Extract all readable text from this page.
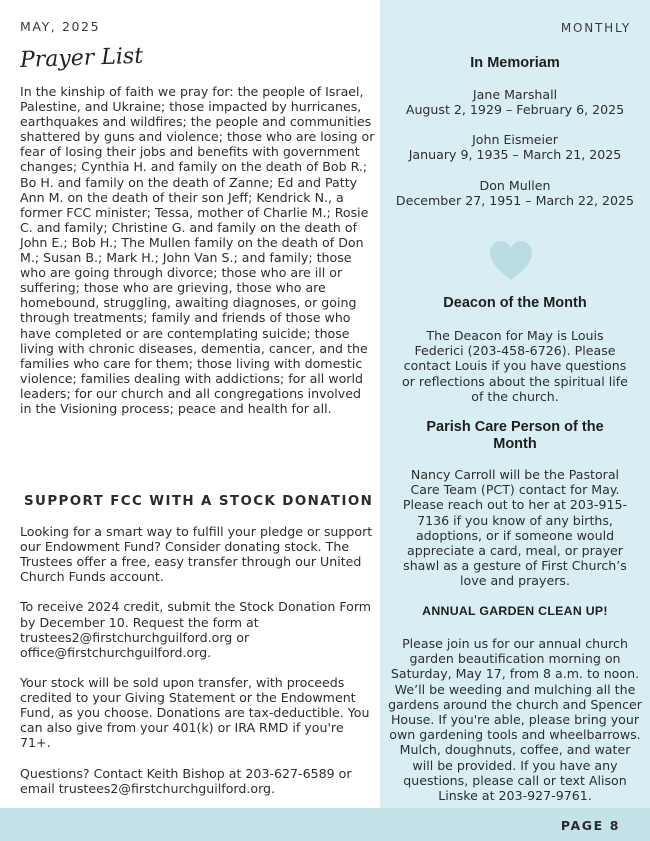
MAY, 2025	MONTHLY
Prayer List
In the kinship of faith we pray for: the people of Israel, Palestine, and Ukraine; those impacted by hurricanes, earthquakes and wildfires; the people and communities shattered by guns and violence; those who are losing or fear of losing their jobs and benefits with government changes; Cynthia H. and family on the death of Bob R.; Bo H. and family on the death of Zanne; Ed and Patty Ann M. on the death of their son Jeff; Kendrick N., a former FCC minister; Tessa, mother of Charlie M.; Rosie C. and family; Christine G. and family on the death of John E.; Bob H.; The Mullen family on the death of Don M.; Susan B.; Mark H.; John Van S.; and family; those who are going through divorce; those who are ill or suffering; those who are grieving, those who are homebound, struggling, awaiting diagnoses, or going through treatments; family and friends of those who have completed or are contemplating suicide; those living with chronic diseases, dementia, cancer, and the families who care for them; those living with domestic violence; families dealing with addictions; for all world leaders; for our church and all congregations involved in the Visioning process; peace and health for all.
SUPPORT FCC WITH A STOCK DONATION

Looking for a smart way to fulfill your pledge or support our Endowment Fund? Consider donating stock. The Trustees offer a free, easy transfer through our United Church Funds account.

To receive 2024 credit, submit the Stock Donation Form by December 10. Request the form at trustees2@firstchurchguilford.org or office@firstchurchguilford.org.

Your stock will be sold upon transfer, with proceeds credited to your Giving Statement or the Endowment Fund, as you choose. Donations are tax-deductible. You can also give from your 401(k) or IRA RMD if you're 71+.

Questions? Contact Keith Bishop at 203-627-6589 or email trustees2@firstchurchguilford.org.

In Memoriam
Jane Marshall
August 2, 1929 – February 6, 2025
John Eismeier
January 9, 1935 – March 21, 2025
Don Mullen
December 27, 1951 – March 22, 2025
Deacon of the Month
The Deacon for May is Louis Federici (203-458-6726). Please contact Louis if you have questions or reflections about the spiritual life of the church.
Parish Care Person of the Month
Nancy Carroll will be the Pastoral Care Team (PCT) contact for May. Please reach out to her at 203-915-7136 if you know of any births, adoptions, or if someone would appreciate a card, meal, or prayer shawl as a gesture of First Church’s love and prayers.
ANNUAL GARDEN CLEAN UP!
Please join us for our annual church garden beautification morning on Saturday, May 17, from 8 a.m. to noon. We’ll be weeding and mulching all the gardens around the church and Spencer House. If you're able, please bring your own gardening tools and wheelbarrows. Mulch, doughnuts, coffee, and water will be provided. If you have any questions, please call or text Alison Linske at 203-927-9761.
PAGE 8
